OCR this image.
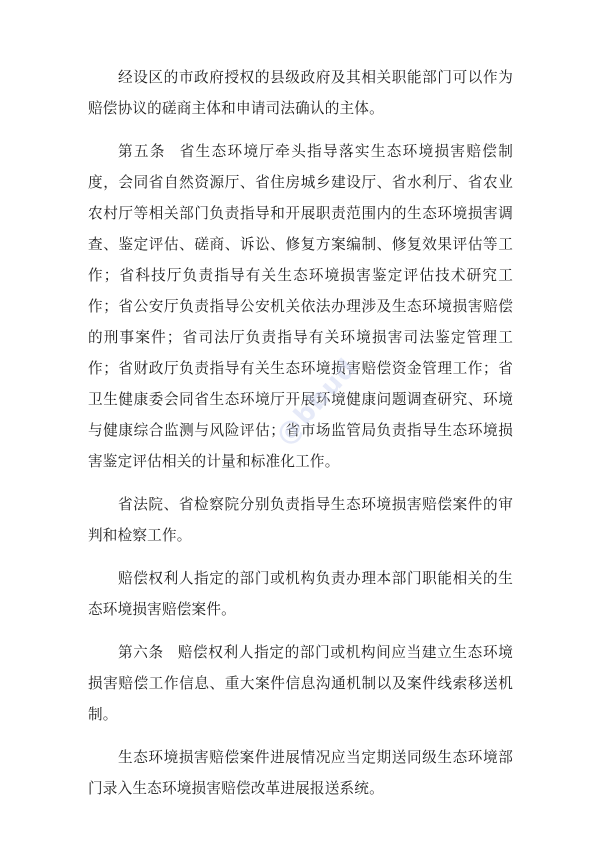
经设区的市政府授权的县级政府及其相关职能部门可以作为赔偿协议的磋商主体和申请司法确认的主体。

第五条 省生态环境厅牵头指导落实生态环境损害赔偿制度，会同省自然资源厅、省住房城乡建设厅、省水利厅、省农业农村厅等相关部门负责指导和开展职责范围内的生态环境损害调查、鉴定评估、磋商、诉讼、修复方案编制、修复效果评估等工作；省科技厅负责指导有关生态环境损害鉴定评估技术研究工作；省公安厅负责指导公安机关依法办理涉及生态环境损害赔偿的刑事案件；省司法厅负责指导有关环境损害司法鉴定管理工作；省财政厅负责指导有关生态环境损害赔偿资金管理工作；省卫生健康委会同省生态环境厅开展环境健康问题调查研究、环境与健康综合监测与风险评估；省市场监管局负责指导生态环境损害鉴定评估相关的计量和标准化工作。

省法院、省检察院分别负责指导生态环境损害赔偿案件的审判和检察工作。

赔偿权利人指定的部门或机构负责办理本部门职能相关的生态环境损害赔偿案件。

第六条 赔偿权利人指定的部门或机构间应当建立生态环境损害赔偿工作信息、重大案件信息沟通机制以及案件线索移送机制。

生态环境损害赔偿案件进展情况应当定期送同级生态环境部门录入生态环境损害赔偿改革进展报送系统。

@bbud
